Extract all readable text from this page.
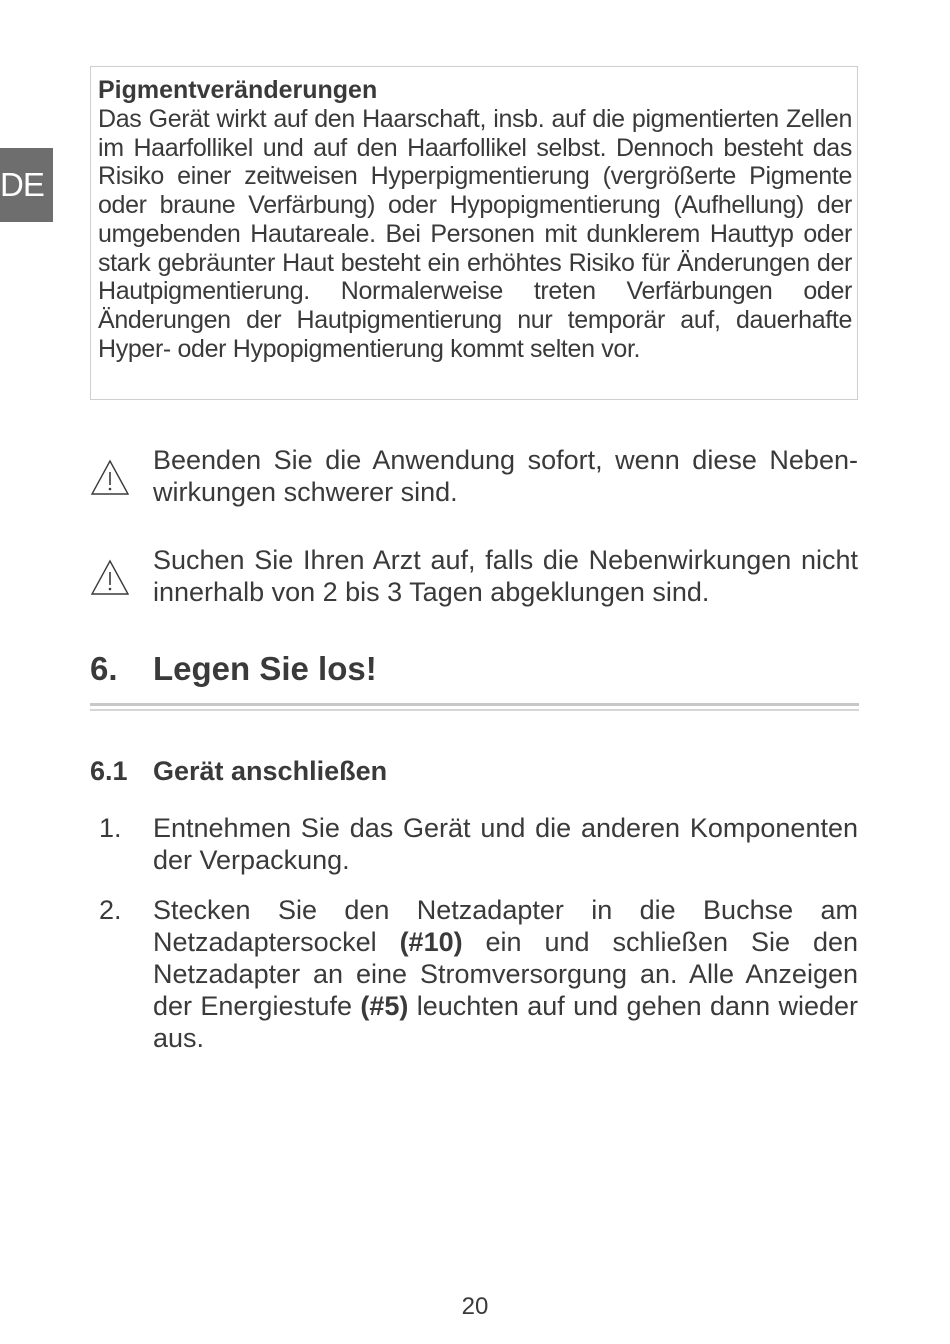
DE
Pigmentveränderungen

Das Gerät wirkt auf den Haarschaft, insb. auf die pigmentierten Zellen im Haarfollikel und auf den Haarfollikel selbst. Dennoch besteht das Risiko einer zeitweisen Hyperpigmentierung (vergrößerte Pigmente oder braune Verfärbung) oder Hypopigmentierung (Aufhellung) der umgebenden Hautareale. Bei Personen mit dunklerem Hauttyp oder stark gebräunter Haut besteht ein erhöhtes Risiko für Änderungen der Hautpigmentierung. Normalerweise treten Verfärbungen oder Änderungen der Hautpigmentierung nur temporär auf, dauerhafte Hyper- oder Hypopigmentierung kommt selten vor.

Beenden Sie die Anwendung sofort, wenn diese Nebenwirkungen schwerer sind.
Suchen Sie Ihren Arzt auf, falls die Nebenwirkungen nicht innerhalb von 2 bis 3 Tagen abgeklungen sind.
6. Legen Sie los!
6.1 Gerät anschließen
1.	Entnehmen Sie das Gerät und die anderen Komponenten der Verpackung.
2.	Stecken Sie den Netzadapter in die Buchse am Netzadaptersockel (#10) ein und schließen Sie den Netzadapter an eine Stromversorgung an. Alle Anzeigen der Energiestufe (#5) leuchten auf und gehen dann wieder aus.
20
